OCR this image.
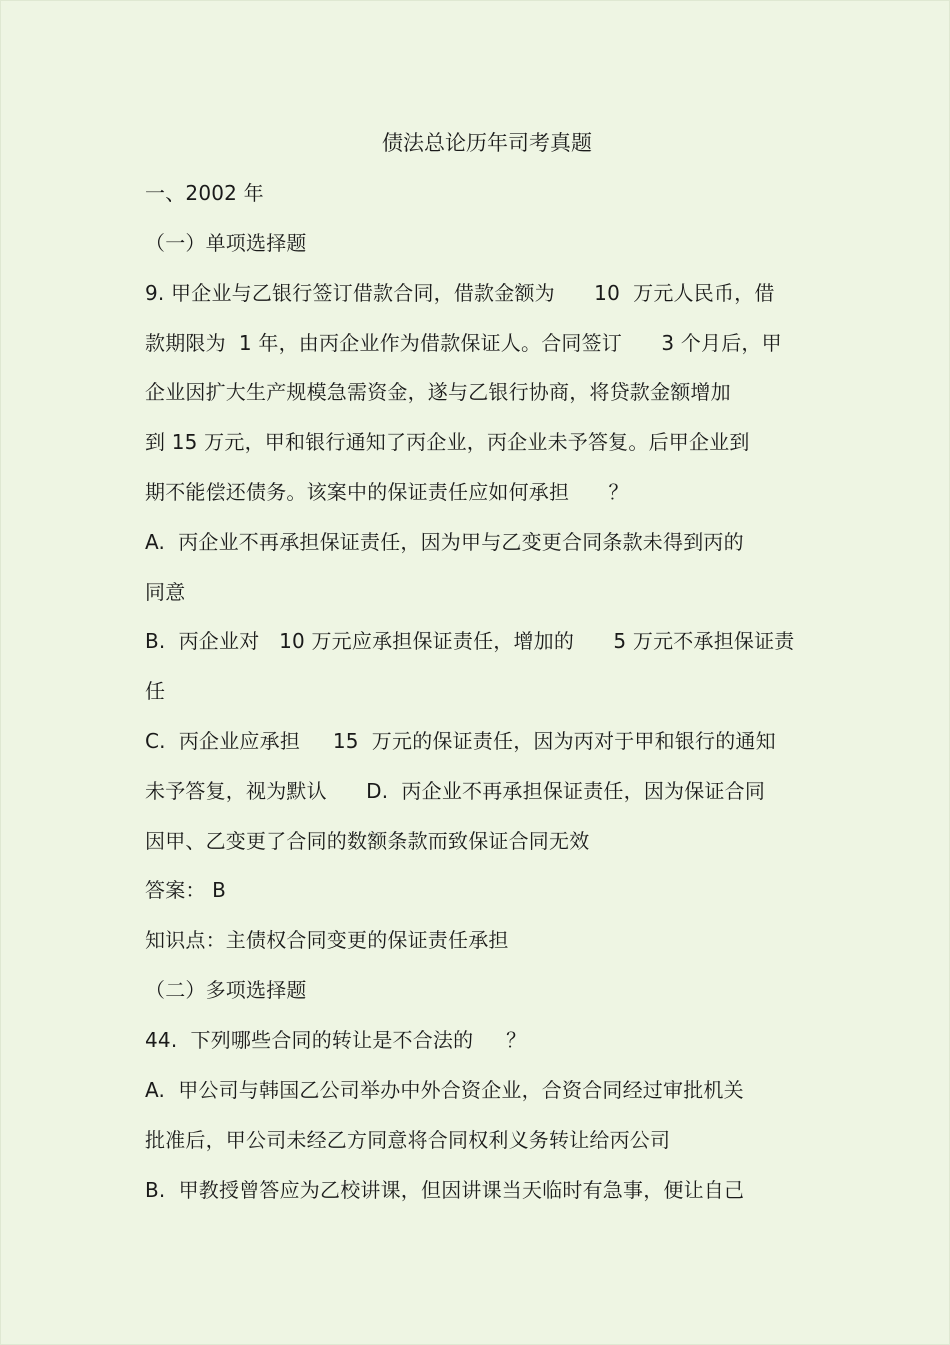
债法总论历年司考真题
一、2002 年
（一）单项选择题
9. 甲企业与乙银行签订借款合同，借款金额为      10  万元人民币，借
款期限为  1 年，由丙企业作为借款保证人。合同签订      3 个月后，甲
企业因扩大生产规模急需资金，遂与乙银行协商，将贷款金额增加
到 15 万元，甲和银行通知了丙企业，丙企业未予答复。后甲企业到
期不能偿还债务。该案中的保证责任应如何承担      ？
A.  丙企业不再承担保证责任，因为甲与乙变更合同条款未得到丙的
同意
B.  丙企业对   10 万元应承担保证责任，增加的      5 万元不承担保证责
任
C.  丙企业应承担     15  万元的保证责任，因为丙对于甲和银行的通知
未予答复，视为默认      D.  丙企业不再承担保证责任，因为保证合同
因甲、乙变更了合同的数额条款而致保证合同无效
答案： B
知识点：主债权合同变更的保证责任承担
（二）多项选择题
44.  下列哪些合同的转让是不合法的     ？
A.  甲公司与韩国乙公司举办中外合资企业，合资合同经过审批机关
批准后，甲公司未经乙方同意将合同权利义务转让给丙公司
B.  甲教授曾答应为乙校讲课，但因讲课当天临时有急事，便让自己
